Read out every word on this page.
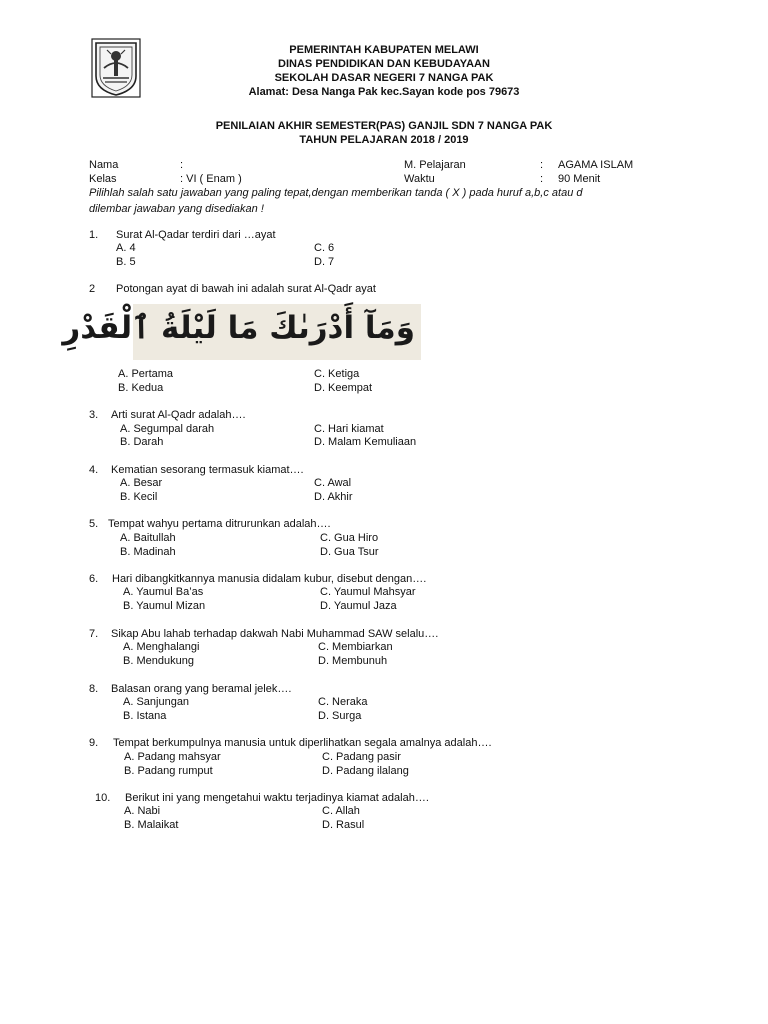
PEMERINTAH KABUPATEN MELAWI
DINAS PENDIDIKAN DAN KEBUDAYAAN
SEKOLAH DASAR NEGERI 7 NANGA PAK
Alamat: Desa Nanga Pak kec.Sayan kode pos 79673
PENILAIAN AKHIR SEMESTER(PAS) GANJIL SDN 7 NANGA PAK
TAHUN PELAJARAN 2018 / 2019
Nama	:
Kelas	: VI ( Enam )
M. Pelajaran	: AGAMA ISLAM
Waktu	: 90 Menit
Pilihlah salah satu jawaban yang paling tepat,dengan memberikan tanda ( X ) pada huruf a,b,c atau d
dilembar jawaban yang disediakan !
1. Surat Al-Qadar terdiri dari …ayat
A. 4
B. 5
C. 6
D. 7
2 Potongan ayat di bawah ini adalah surat Al-Qadr ayat
وَمَآ أَدْرَىٰكَ مَا لَيْلَةُ ٱلْقَدْرِ
A. Pertama
B. Kedua
C. Ketiga
D. Keempat
3. Arti surat Al-Qadr adalah….
A. Segumpal darah
B. Darah
C. Hari kiamat
D. Malam Kemuliaan
4. Kematian sesorang termasuk kiamat….
A. Besar
B. Kecil
C. Awal
D. Akhir
5. Tempat wahyu pertama ditrurunkan adalah….
A. Baitullah
B. Madinah
C. Gua Hiro
D. Gua Tsur
6. Hari dibangkitkannya manusia didalam kubur, disebut dengan….
A. Yaumul Ba’as
B. Yaumul Mizan
C. Yaumul Mahsyar
D. Yaumul Jaza
7. Sikap Abu lahab terhadap dakwah Nabi Muhammad SAW selalu….
A. Menghalangi
B. Mendukung
C. Membiarkan
D. Membunuh
8. Balasan orang yang beramal jelek….
A. Sanjungan
B. Istana
C. Neraka
D. Surga
9. Tempat berkumpulnya manusia untuk diperlihatkan segala amalnya adalah….
A. Padang mahsyar
B. Padang rumput
C. Padang pasir
D. Padang ilalang
10. Berikut ini yang mengetahui waktu terjadinya kiamat adalah….
A. Nabi
B. Malaikat
C. Allah
D. Rasul
